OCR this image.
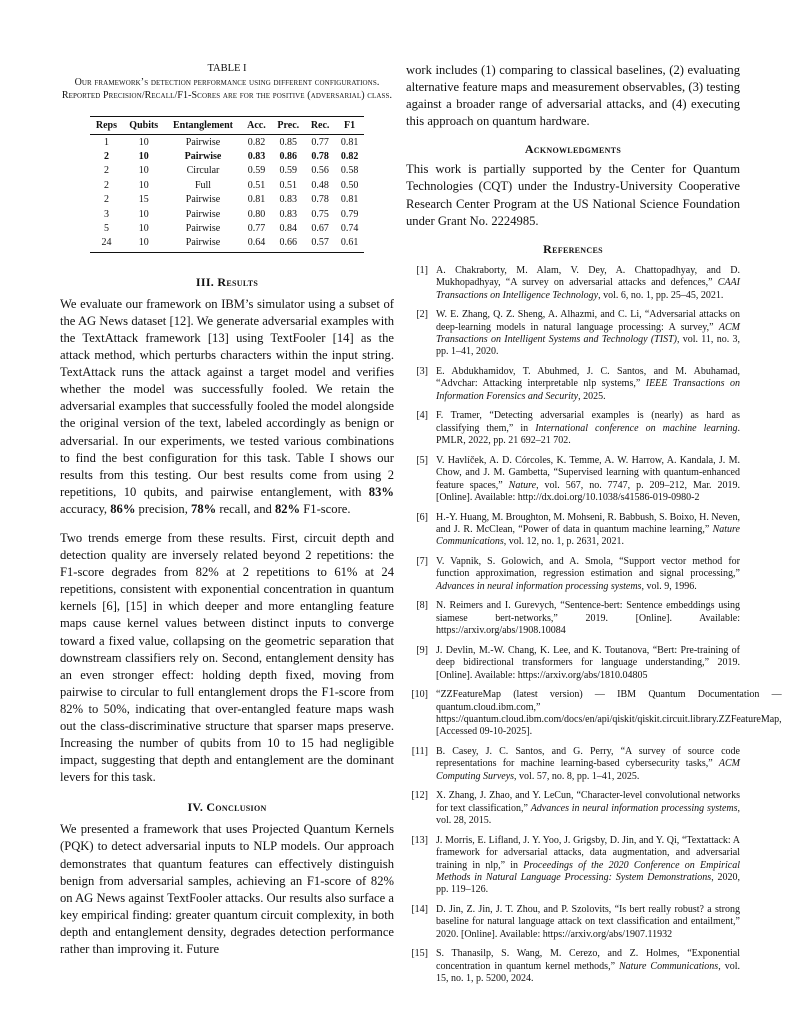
TABLE I
Our framework’s detection performance using different configurations. Reported Precision/Recall/F1-Scores are for the positive (adversarial) class.
Reps	Qubits	Entanglement	Acc.	Prec.	Rec.	F1
1	10	Pairwise	0.82	0.85	0.77	0.81
2	10	Pairwise	0.83	0.86	0.78	0.82
2	10	Circular	0.59	0.59	0.56	0.58
2	10	Full	0.51	0.51	0.48	0.50
2	15	Pairwise	0.81	0.83	0.78	0.81
3	10	Pairwise	0.80	0.83	0.75	0.79
5	10	Pairwise	0.77	0.84	0.67	0.74
24	10	Pairwise	0.64	0.66	0.57	0.61
III. Results

We evaluate our framework on IBM’s simulator using a subset of the AG News dataset [12]. We generate adversarial examples with the TextAttack framework [13] using TextFooler [14] as the attack method, which perturbs characters within the input string. TextAttack runs the attack against a target model and verifies whether the model was successfully fooled. We retain the adversarial examples that successfully fooled the model alongside the original version of the text, labeled accordingly as benign or adversarial. In our experiments, we tested various combinations to find the best configuration for this task. Table I shows our results from this testing. Our best results come from using 2 repetitions, 10 qubits, and pairwise entanglement, with 83% accuracy, 86% precision, 78% recall, and 82% F1-score.

Two trends emerge from these results. First, circuit depth and detection quality are inversely related beyond 2 repetitions: the F1-score degrades from 82% at 2 repetitions to 61% at 24 repetitions, consistent with exponential concentration in quantum kernels [6], [15] in which deeper and more entangling feature maps cause kernel values between distinct inputs to converge toward a fixed value, collapsing on the geometric separation that downstream classifiers rely on. Second, entanglement density has an even stronger effect: holding depth fixed, moving from pairwise to circular to full entanglement drops the F1-score from 82% to 50%, indicating that over-entangled feature maps wash out the class-discriminative structure that sparser maps preserve. Increasing the number of qubits from 10 to 15 had negligible impact, suggesting that depth and entanglement are the dominant levers for this task.

IV. Conclusion

We presented a framework that uses Projected Quantum Kernels (PQK) to detect adversarial inputs to NLP models. Our approach demonstrates that quantum features can effectively distinguish benign from adversarial samples, achieving an F1-score of 82% on AG News against TextFooler attacks. Our results also surface a key empirical finding: greater quantum circuit complexity, in both depth and entanglement density, degrades detection performance rather than improving it. Future

work includes (1) comparing to classical baselines, (2) evaluating alternative feature maps and measurement observables, (3) testing against a broader range of adversarial attacks, and (4) executing this approach on quantum hardware.

Acknowledgments

This work is partially supported by the Center for Quantum Technologies (CQT) under the Industry-University Cooperative Research Center Program at the US National Science Foundation under Grant No. 2224985.

References
[1] A. Chakraborty, M. Alam, V. Dey, A. Chattopadhyay, and D. Mukhopadhyay, “A survey on adversarial attacks and defences,” CAAI Transactions on Intelligence Technology, vol. 6, no. 1, pp. 25–45, 2021.
[2] W. E. Zhang, Q. Z. Sheng, A. Alhazmi, and C. Li, “Adversarial attacks on deep-learning models in natural language processing: A survey,” ACM Transactions on Intelligent Systems and Technology (TIST), vol. 11, no. 3, pp. 1–41, 2020.
[3] E. Abdukhamidov, T. Abuhmed, J. C. Santos, and M. Abuhamad, “Advchar: Attacking interpretable nlp systems,” IEEE Transactions on Information Forensics and Security, 2025.
[4] F. Tramer, “Detecting adversarial examples is (nearly) as hard as classifying them,” in International conference on machine learning. PMLR, 2022, pp. 21 692–21 702.
[5] V. Havlíček, A. D. Córcoles, K. Temme, A. W. Harrow, A. Kandala, J. M. Chow, and J. M. Gambetta, “Supervised learning with quantum-enhanced feature spaces,” Nature, vol. 567, no. 7747, p. 209–212, Mar. 2019. [Online]. Available: http://dx.doi.org/10.1038/s41586-019-0980-2
[6] H.-Y. Huang, M. Broughton, M. Mohseni, R. Babbush, S. Boixo, H. Neven, and J. R. McClean, “Power of data in quantum machine learning,” Nature Communications, vol. 12, no. 1, p. 2631, 2021.
[7] V. Vapnik, S. Golowich, and A. Smola, “Support vector method for function approximation, regression estimation and signal processing,” Advances in neural information processing systems, vol. 9, 1996.
[8] N. Reimers and I. Gurevych, “Sentence-bert: Sentence embeddings using siamese bert-networks,” 2019. [Online]. Available: https://arxiv.org/abs/1908.10084
[9] J. Devlin, M.-W. Chang, K. Lee, and K. Toutanova, “Bert: Pre-training of deep bidirectional transformers for language understanding,” 2019. [Online]. Available: https://arxiv.org/abs/1810.04805
[10] “ZZFeatureMap (latest version) — IBM Quantum Documentation — quantum.cloud.ibm.com,” https://quantum.cloud.ibm.com/docs/en/api/qiskit/qiskit.circuit.library.ZZFeatureMap, [Accessed 09-10-2025].
[11] B. Casey, J. C. Santos, and G. Perry, “A survey of source code representations for machine learning-based cybersecurity tasks,” ACM Computing Surveys, vol. 57, no. 8, pp. 1–41, 2025.
[12] X. Zhang, J. Zhao, and Y. LeCun, “Character-level convolutional networks for text classification,” Advances in neural information processing systems, vol. 28, 2015.
[13] J. Morris, E. Lifland, J. Y. Yoo, J. Grigsby, D. Jin, and Y. Qi, “Textattack: A framework for adversarial attacks, data augmentation, and adversarial training in nlp,” in Proceedings of the 2020 Conference on Empirical Methods in Natural Language Processing: System Demonstrations, 2020, pp. 119–126.
[14] D. Jin, Z. Jin, J. T. Zhou, and P. Szolovits, “Is bert really robust? a strong baseline for natural language attack on text classification and entailment,” 2020. [Online]. Available: https://arxiv.org/abs/1907.11932
[15] S. Thanasilp, S. Wang, M. Cerezo, and Z. Holmes, “Exponential concentration in quantum kernel methods,” Nature Communications, vol. 15, no. 1, p. 5200, 2024.
